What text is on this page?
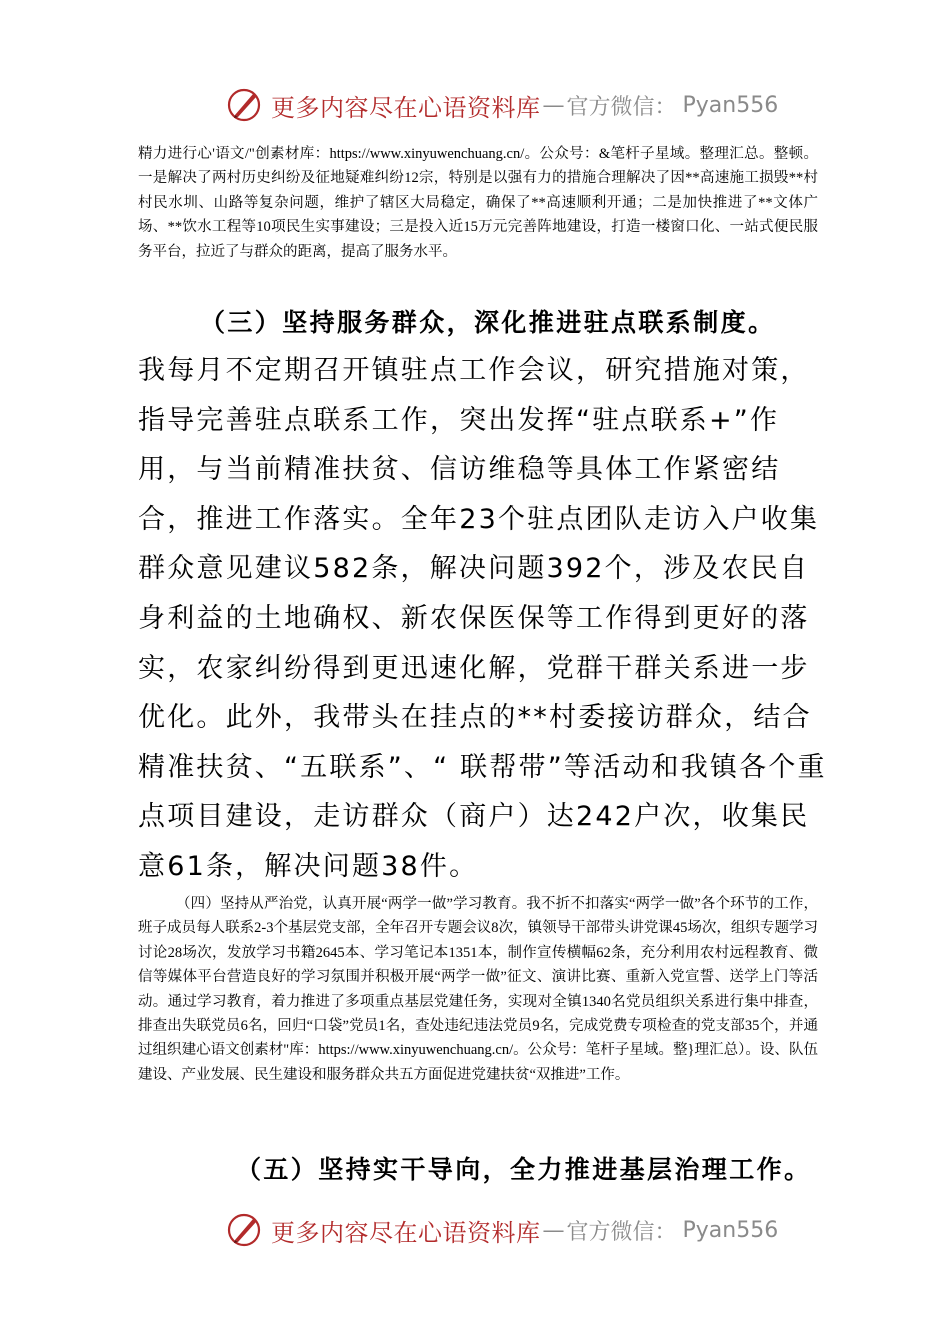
更多内容尽在心语资料库 — 官方微信： Pyan556
精力进行心'语文/"创素材库：https://www.xinyuwenchuang.cn/。公众号：&笔杆子星域。整理汇总。整顿。一是解决了两村历史纠纷及征地疑难纠纷12宗，特别是以强有力的措施合理解决了因**高速施工损毁**村村民水圳、山路等复杂问题，维护了辖区大局稳定，确保了**高速顺利开通；二是加快推进了**文体广场、**饮水工程等10项民生实事建设；三是投入近15万元完善阵地建设，打造一楼窗口化、一站式便民服务平台，拉近了与群众的距离，提高了服务水平。
（三）坚持服务群众，深化推进驻点联系制度。
我每月不定期召开镇驻点工作会议，研究措施对策，指导完善驻点联系工作，突出发挥“驻点联系+”作用，与当前精准扶贫、信访维稳等具体工作紧密结合，推进工作落实。全年23个驻点团队走访入户收集群众意见建议582条，解决问题392个，涉及农民自身利益的土地确权、新农保医保等工作得到更好的落实，农家纠纷得到更迅速化解，党群干群关系进一步优化。此外，我带头在挂点的**村委接访群众，结合精准扶贫、“五联系”、“ 联帮带”等活动和我镇各个重点项目建设，走访群众（商户）达242户次，收集民意61条，解决问题38件。
（四）坚持从严治党，认真开展“两学一做”学习教育。我不折不扣落实“两学一做”各个环节的工作，班子成员每人联系2-3个基层党支部，全年召开专题会议8次，镇领导干部带头讲党课45场次，组织专题学习讨论28场次，发放学习书籍2645本、学习笔记本1351本，制作宣传横幅62条，充分利用农村远程教育、微信等媒体平台营造良好的学习氛围并积极开展“两学一做”征文、演讲比赛、重新入党宣誓、送学上门等活动。通过学习教育，着力推进了多项重点基层党建任务，实现对全镇1340名党员组织关系进行集中排查，排查出失联党员6名，回归“口袋”党员1名，查处违纪违法党员9名，完成党费专项检查的党支部35个，并通过组织建心语文创素材"库：https://www.xinyuwenchuang.cn/。公众号：笔杆子星域。整}理汇总）。设、队伍建设、产业发展、民生建设和服务群众共五方面促进党建扶贫“双推进”工作。
（五）坚持实干导向，全力推进基层治理工作。
更多内容尽在心语资料库 — 官方微信： Pyan556
